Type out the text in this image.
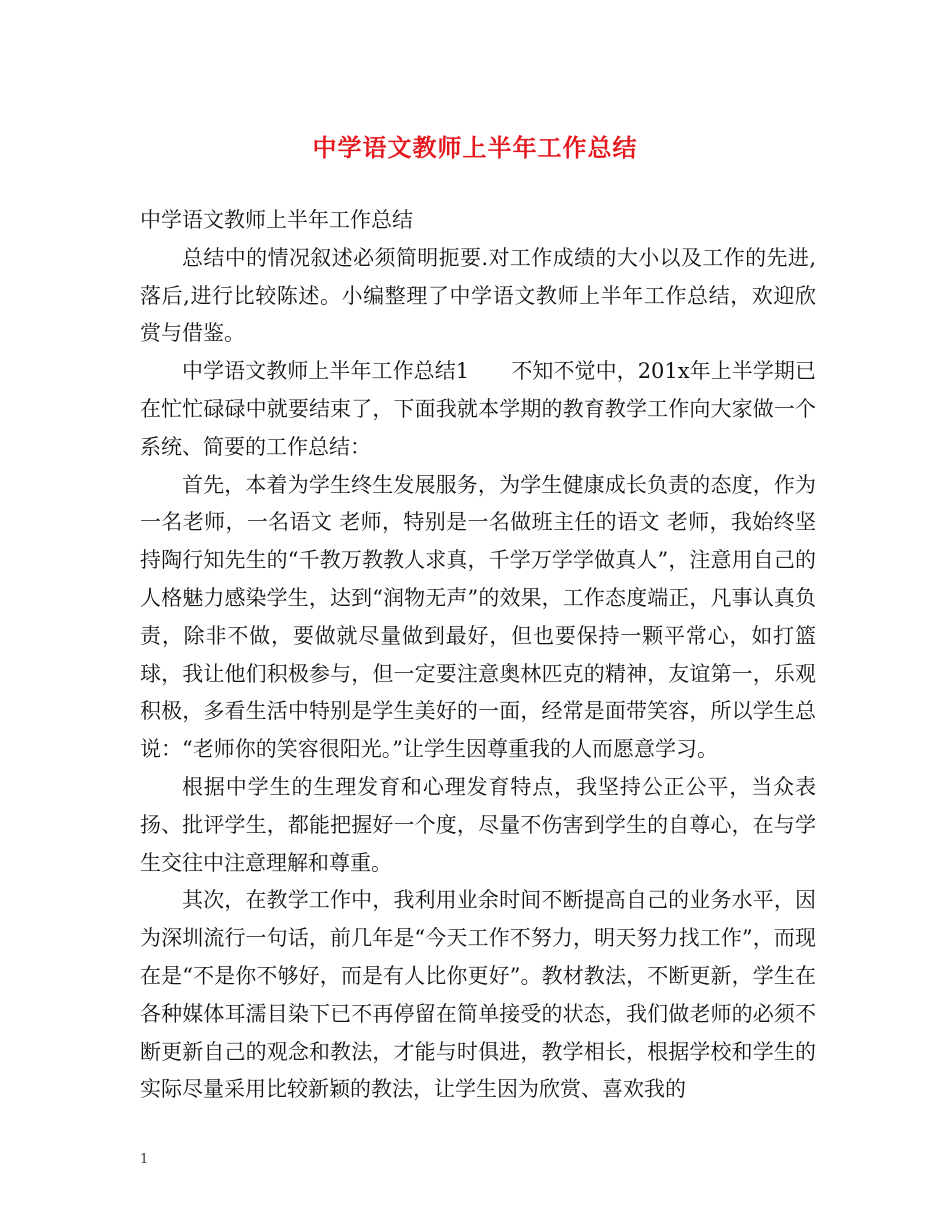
中学语文教师上半年工作总结

中学语文教师上半年工作总结

总结中的情况叙述必须简明扼要.对工作成绩的大小以及工作的先进,落后,进行比较陈述。小编整理了中学语文教师上半年工作总结，欢迎欣赏与借鉴。

中学语文教师上半年工作总结1　　不知不觉中，201x年上半学期已在忙忙碌碌中就要结束了，下面我就本学期的教育教学工作向大家做一个系统、简要的工作总结：

首先，本着为学生终生发展服务，为学生健康成长负责的态度，作为一名老师，一名语文 老师，特别是一名做班主任的语文 老师，我始终坚持陶行知先生的“千教万教教人求真，千学万学学做真人”，注意用自己的人格魅力感染学生，达到“润物无声”的效果，工作态度端正，凡事认真负责，除非不做，要做就尽量做到最好，但也要保持一颗平常心，如打篮球，我让他们积极参与，但一定要注意奥林匹克的精神，友谊第一，乐观积极，多看生活中特别是学生美好的一面，经常是面带笑容，所以学生总说：“老师你的笑容很阳光。”让学生因尊重我的人而愿意学习。

根据中学生的生理发育和心理发育特点，我坚持公正公平，当众表扬、批评学生，都能把握好一个度，尽量不伤害到学生的自尊心，在与学生交往中注意理解和尊重。

其次，在教学工作中，我利用业余时间不断提高自己的业务水平，因为深圳流行一句话，前几年是“今天工作不努力，明天努力找工作”，而现在是“不是你不够好，而是有人比你更好”。教材教法，不断更新，学生在各种媒体耳濡目染下已不再停留在简单接受的状态，我们做老师的必须不断更新自己的观念和教法，才能与时俱进，教学相长，根据学校和学生的实际尽量采用比较新颖的教法，让学生因为欣赏、喜欢我的

1
